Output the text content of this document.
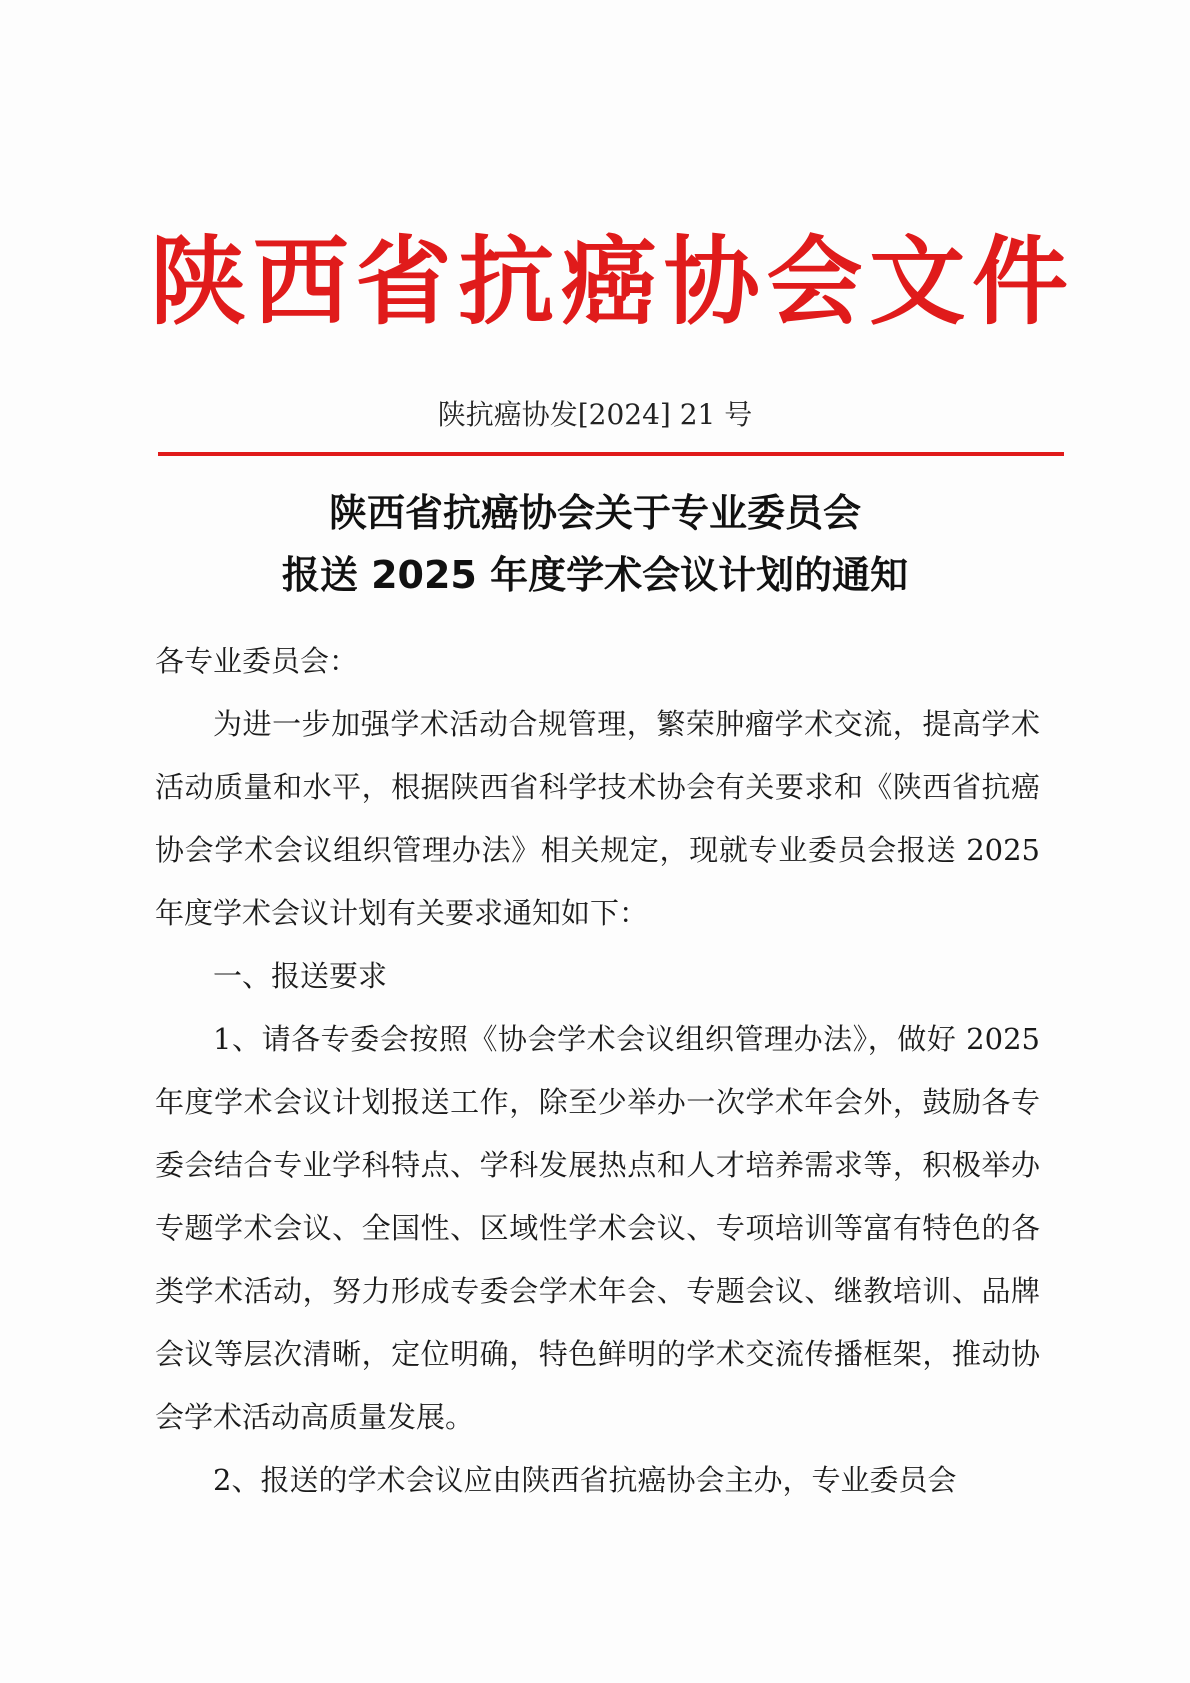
陕西省抗癌协会文件
陕抗癌协发[2024] 21 号
陕西省抗癌协会关于专业委员会
报送 2025 年度学术会议计划的通知

各专业委员会：

为进一步加强学术活动合规管理，繁荣肿瘤学术交流，提高学术活动质量和水平，根据陕西省科学技术协会有关要求和《陕西省抗癌协会学术会议组织管理办法》相关规定，现就专业委员会报送 2025 年度学术会议计划有关要求通知如下：

一、报送要求

1、请各专委会按照《协会学术会议组织管理办法》，做好 2025 年度学术会议计划报送工作，除至少举办一次学术年会外，鼓励各专委会结合专业学科特点、学科发展热点和人才培养需求等，积极举办专题学术会议、全国性、区域性学术会议、专项培训等富有特色的各类学术活动，努力形成专委会学术年会、专题会议、继教培训、品牌会议等层次清晰，定位明确，特色鲜明的学术交流传播框架，推动协会学术活动高质量发展。

2、报送的学术会议应由陕西省抗癌协会主办，专业委员会
